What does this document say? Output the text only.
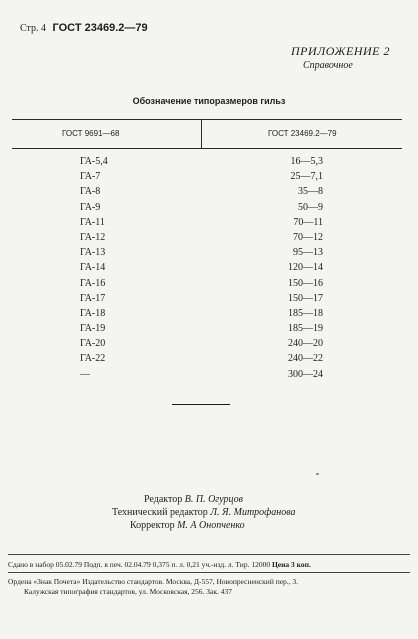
Стр. 4 ГОСТ 23469.2—79
ПРИЛОЖЕНИЕ 2
Справочное
Обозначение типоразмеров гильз
ГОСТ 9691—68	ГОСТ 23469.2—79
ГА-5,4	16—5,3
ГА-7	25—7,1
ГА-8	35—8
ГА-9	50—9
ГА-11	70—11
ГА-12	70—12
ГА-13	95—13
ГА-14	120—14
ГА-16	150—16
ГА-17	150—17
ГА-18	185—18
ГА-19	185—19
ГА-20	240—20
ГА-22	240—22
—	300—24
Редактор В. П. Огурцов
Технический редактор Л. Я. Митрофанова
Корректор М. А Онопченко
Сдано в набор 05.02.79 Подп. в печ. 02.04.79 0,375 п. л. 0,21 уч.-изд. л. Тир. 12000 Цена 3 коп.
Ордена «Знак Почета» Издательство стандартов. Москва, Д-557, Новопресненский пер., 3.
Калужская типография стандартов, ул. Московская, 256. Зак. 437
